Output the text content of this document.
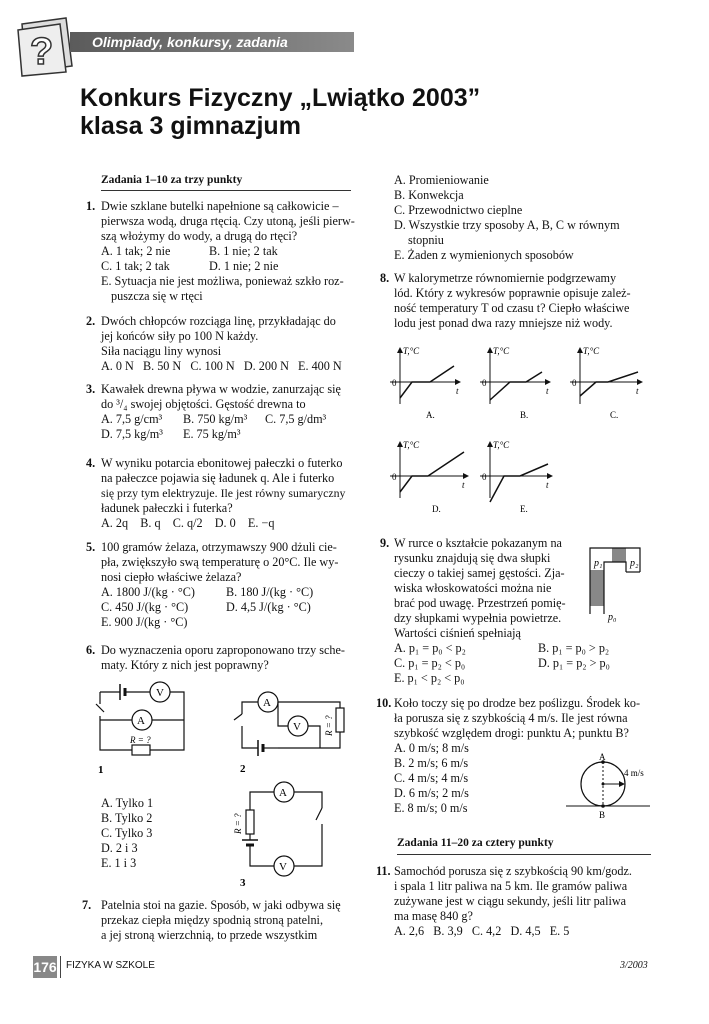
?	Olimpiady, konkursy, zadania
Konkurs Fizyczny „Lwiątko 2003”
klasa 3 gimnazjum
Zadania 1–10 za trzy punkty
1. Dwie szklane butelki napełnione są całkowicie –
pierwsza wodą, druga rtęcią. Czy utoną, jeśli pierw-
szą włożymy do wody, a drugą do rtęci?
A. 1 tak; 2 nie	B. 1 nie; 2 tak
C. 1 tak; 2 tak	D. 1 nie; 2 nie
E. Sytuacja nie jest możliwa, ponieważ szkło roz-
puszcza się w rtęci
2. Dwóch chłopców rozciąga linę, przykładając do
jej końców siły po 100 N każdy.
Siła naciągu liny wynosi
A. 0 N   B. 50 N   C. 100 N   D. 200 N   E. 400 N
3. Kawałek drewna pływa w wodzie, zanurzając się
do ³/₄ swojej objętości. Gęstość drewna to
A. 7,5 g/cm³ B. 750 kg/m³ C. 7,5 g/dm³
D. 7,5 kg/m³ E. 75 kg/m³
4. W wyniku potarcia ebonitowej pałeczki o futerko
na pałeczce pojawia się ładunek q. Ale i futerko
się przy tym elektryzuje. Ile jest równy sumaryczny
ładunek pałeczki i futerka?
A. 2q    B. q    C. q/2    D. 0    E. −q
5. 100 gramów żelaza, otrzymawszy 900 dżuli cie-
pła, zwiększyło swą temperaturę o 20°C. Ile wy-
nosi ciepło właściwe żelaza?
A. 1800 J/(kg · °C)	B. 180 J/(kg · °C)
C. 450 J/(kg · °C)	D. 4,5 J/(kg · °C)
E. 900 J/(kg · °C)
6. Do wyznaczenia oporu zaproponowano trzy sche-
maty. Który z nich jest poprawny?
V
A
R = ?
1
A
V	R = ?
2
A
V
R = ?
3
A. Tylko 1
B. Tylko 2
C. Tylko 3
D. 2 i 3
E. 1 i 3
7. Patelnia stoi na gazie. Sposób, w jaki odbywa się
przekaz ciepła między spodnią stroną patelni,
a jej stroną wierzchnią, to przede wszystkim
A. Promieniowanie
B. Konwekcja
C. Przewodnictwo cieplne
D. Wszystkie trzy sposoby A, B, C w równym
stopniu
E. Żaden z wymienionych sposobów
8. W kalorymetrze równomiernie podgrzewamy
lód. Który z wykresów poprawnie opisuje zależ-
ność temperatury T od czasu t? Ciepło właściwe
lodu jest ponad dwa razy mniejsze niż wody.
T,°C
t
0
T,°C
t
0
T,°C
t
0
T,°C
t
0
T,°C
t
0
A.	B.	C.
D.	E.
9. W rurce o kształcie pokazanym na
rysunku znajdują się dwa słupki
cieczy o takiej samej gęstości. Zja-
wiska włoskowatości można nie
brać pod uwagę. Przestrzeń pomię-
dzy słupkami wypełnia powietrze.
Wartości ciśnień spełniają
A. p₁ = p₀ < p₂	B. p₁ = p₀ > p₂
C. p₁ = p₂ < p₀	D. p₁ = p₂ > p₀
E. p₁ < p₂ < p₀
p₁	p₂
p₀
10. Koło toczy się po drodze bez poślizgu. Środek ko-
ła porusza się z szybkością 4 m/s. Ile jest równa
szybkość względem drogi: punktu A; punktu B?
A. 0 m/s; 8 m/s
B. 2 m/s; 6 m/s
C. 4 m/s; 4 m/s
D. 6 m/s; 2 m/s
E. 8 m/s; 0 m/s
A
B
4 m/s
Zadania 11–20 za cztery punkty
11. Samochód porusza się z szybkością 90 km/godz.
i spala 1 litr paliwa na 5 km. Ile gramów paliwa
zużywane jest w ciągu sekundy, jeśli litr paliwa
ma masę 840 g?
A. 2,6   B. 3,9   C. 4,2   D. 4,5   E. 5
176 FIZYKA W SZKOLE	3/2003
